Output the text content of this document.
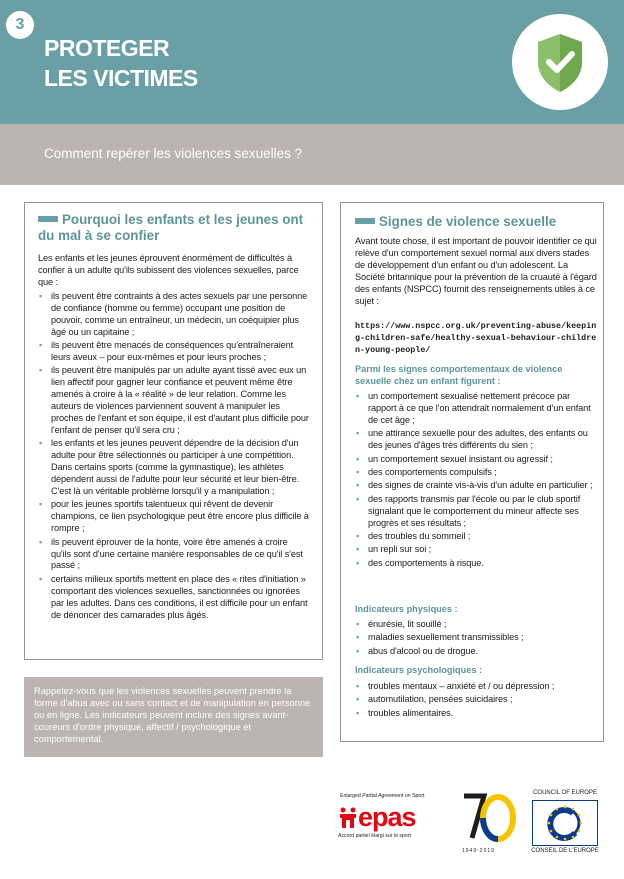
3
PROTEGER
LES VICTIMES
Comment repérer les violences sexuelles ?
Pourquoi les enfants et les jeunes ont du mal à se confier

Les enfants et les jeunes éprouvent énormément de difficultés à confier à un adulte qu'ils subissent des violences sexuelles, parce que :

▪ ils peuvent être contraints à des actes sexuels par une personne de confiance (homme ou femme) occupant une position de pouvoir, comme un entraîneur, un médecin, un coéquipier plus âgé ou un capitaine ;
▪ ils peuvent être menacés de conséquences qu'entraîneraient leurs aveux – pour eux-mêmes et pour leurs proches ;
▪ ils peuvent être manipulés par un adulte ayant tissé avec eux un lien affectif pour gagner leur confiance et peuvent même être amenés à croire à la « réalité » de leur relation. Comme les auteurs de violences parviennent souvent à manipuler les proches de l'enfant et son équipe, il est d'autant plus difficile pour l'enfant de penser qu'il sera cru ;
▪ les enfants et les jeunes peuvent dépendre de la décision d'un adulte pour être sélectionnés ou participer à une compétition. Dans certains sports (comme la gymnastique), les athlètes dépendent aussi de l'adulte pour leur sécurité et leur bien-être. C'est là un véritable problème lorsqu'il y a manipulation ;
▪ pour les jeunes sportifs talentueux qui rêvent de devenir champions, ce lien psychologique peut être encore plus difficile à rompre ;
▪ ils peuvent éprouver de la honte, voire être amenés à croire qu'ils sont d'une certaine manière responsables de ce qu'il s'est passé ;
▪ certains milieux sportifs mettent en place des « rites d'initiation » comportant des violences sexuelles, sanctionnées ou ignorées par les adultes. Dans ces conditions, il est difficile pour un enfant de dénoncer des camarades plus âgés.
Signes de violence sexuelle

Avant toute chose, il est important de pouvoir identifier ce qui relève d'un comportement sexuel normal aux divers stades de développement d'un enfant ou d'un adolescent. La Société britannique pour la prévention de la cruauté à l'égard des enfants (NSPCC) fournit des renseignements utiles à ce sujet :

https://www.nspcc.org.uk/preventing-abuse/keeping-children-safe/healthy-sexual-behaviour-children-young-people/

Parmi les signes comportementaux de violence sexuelle chez un enfant figurent :

▪ un comportement sexualisé nettement précoce par rapport à ce que l'on attendrait normalement d'un enfant de cet âge ;
▪ une attirance sexuelle pour des adultes, des enfants ou des jeunes d'âges très différents du sien ;
▪ un comportement sexuel insistant ou agressif ;
▪ des comportements compulsifs ;
▪ des signes de crainte vis-à-vis d'un adulte en particulier ;
▪ des rapports transmis par l'école ou par le club sportif signalant que le comportement du mineur affecte ses progrès et ses résultats ;
▪ des troubles du sommeil ;
▪ un repli sur soi ;
▪ des comportements à risque.

Indicateurs physiques :

▪ énurésie, lit souillé ;
▪ maladies sexuellement transmissibles ;
▪ abus d'alcool ou de drogue.

Indicateurs psychologiques :

▪ troubles mentaux – anxiété et / ou dépression ;
▪ automutilation, pensées suicidaires ;
▪ troubles alimentaires.

Rappelez-vous que les violences sexuelles peuvent prendre la forme d'abus avec ou sans contact et de manipulation en personne ou en ligne. Les indicateurs peuvent inclure des signes avant-coureurs d'ordre physique, affectif / psychologique et comportemental.

Enlarged Partial Agreement on Sport
epas
Accord partiel élargi sur le sport
1949-2019
COUNCIL OF EUROPE
CONSEIL DE L'EUROPE
